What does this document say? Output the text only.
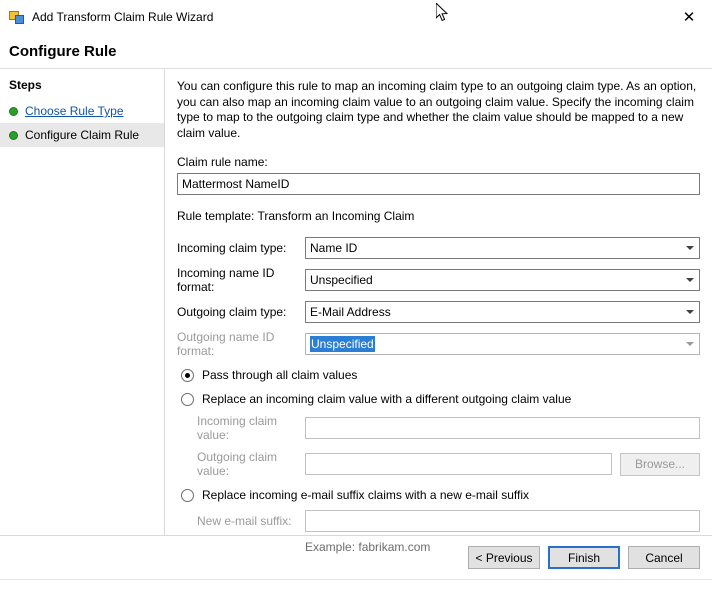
Add Transform Claim Rule Wizard	✕
Configure Rule
Steps
Choose Rule Type
Configure Claim Rule

You can configure this rule to map an incoming claim type to an outgoing claim type. As an option, you can also map an incoming claim value to an outgoing claim value. Specify the incoming claim type to map to the outgoing claim type and whether the claim value should be mapped to a new claim value.

Claim rule name:
Mattermost NameID
Rule template: Transform an Incoming Claim
Incoming claim type:	Name ID
Incoming name ID format:	Unspecified
Outgoing claim type:	E-Mail Address
Outgoing name ID format:	Unspecified
Pass through all claim values
Replace an incoming claim value with a different outgoing claim value
Incoming claim value:
Outgoing claim value:	Browse...
Replace incoming e-mail suffix claims with a new e-mail suffix
New e-mail suffix:
Example: fabrikam.com
< Previous	Finish	Cancel
